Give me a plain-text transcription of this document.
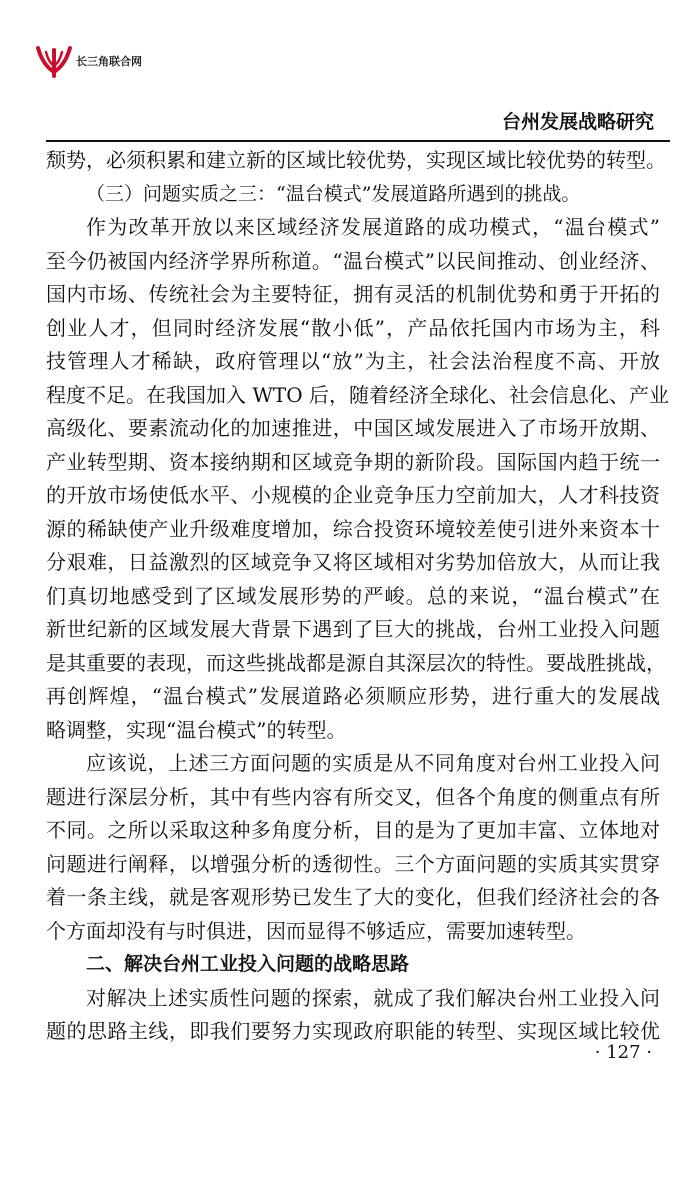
长三角联合网
台州发展战略研究
颓势，必须积累和建立新的区域比较优势，实现区域比较优势的转型。
（三）问题实质之三：“温台模式”发展道路所遇到的挑战。
作为改革开放以来区域经济发展道路的成功模式，“温台模式”
至今仍被国内经济学界所称道。“温台模式”以民间推动、创业经济、
国内市场、传统社会为主要特征，拥有灵活的机制优势和勇于开拓的
创业人才，但同时经济发展“散小低”，产品依托国内市场为主，科
技管理人才稀缺，政府管理以“放”为主，社会法治程度不高、开放
程度不足。在我国加入 WTO 后，随着经济全球化、社会信息化、产业
高级化、要素流动化的加速推进，中国区域发展进入了市场开放期、
产业转型期、资本接纳期和区域竞争期的新阶段。国际国内趋于统一
的开放市场使低水平、小规模的企业竞争压力空前加大，人才科技资
源的稀缺使产业升级难度增加，综合投资环境较差使引进外来资本十
分艰难，日益激烈的区域竞争又将区域相对劣势加倍放大，从而让我
们真切地感受到了区域发展形势的严峻。总的来说，“温台模式”在
新世纪新的区域发展大背景下遇到了巨大的挑战，台州工业投入问题
是其重要的表现，而这些挑战都是源自其深层次的特性。要战胜挑战，
再创辉煌，“温台模式”发展道路必须顺应形势，进行重大的发展战
略调整，实现“温台模式”的转型。
应该说，上述三方面问题的实质是从不同角度对台州工业投入问
题进行深层分析，其中有些内容有所交叉，但各个角度的侧重点有所
不同。之所以采取这种多角度分析，目的是为了更加丰富、立体地对
问题进行阐释，以增强分析的透彻性。三个方面问题的实质其实贯穿
着一条主线，就是客观形势已发生了大的变化，但我们经济社会的各
个方面却没有与时俱进，因而显得不够适应，需要加速转型。
二、解决台州工业投入问题的战略思路
对解决上述实质性问题的探索，就成了我们解决台州工业投入问
题的思路主线，即我们要努力实现政府职能的转型、实现区域比较优
· 127 ·
